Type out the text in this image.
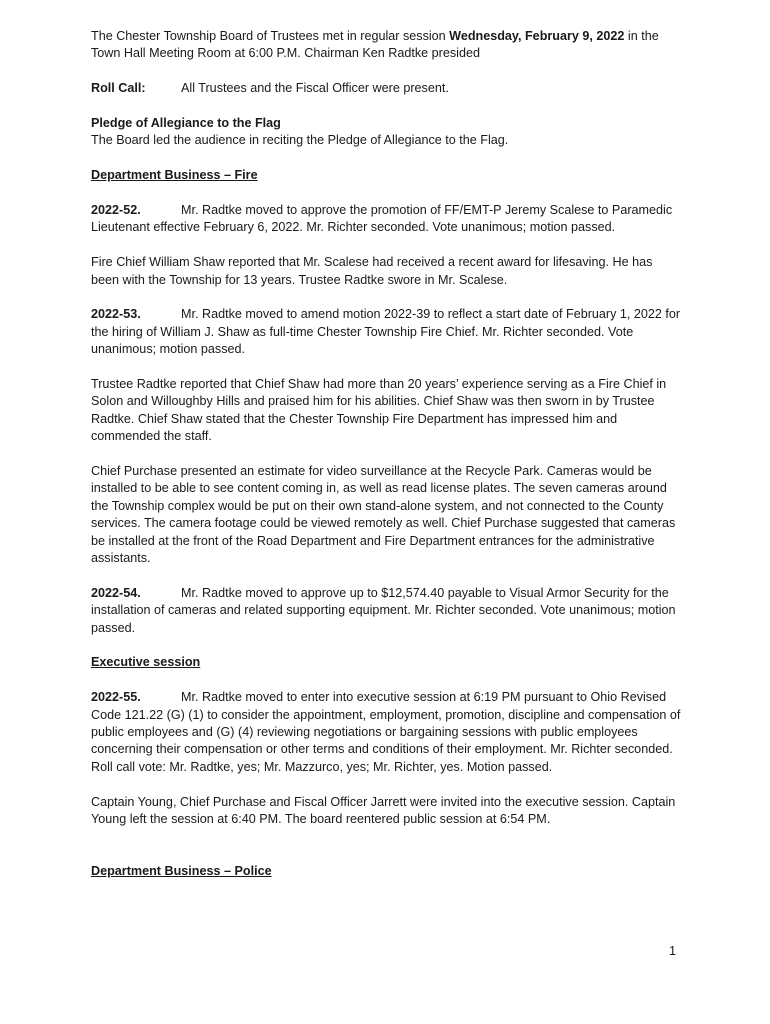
The Chester Township Board of Trustees met in regular session Wednesday, February 9, 2022 in the Town Hall Meeting Room at 6:00 P.M. Chairman Ken Radtke presided

Roll Call:	All Trustees and the Fiscal Officer were present.

Pledge of Allegiance to the Flag

The Board led the audience in reciting the Pledge of Allegiance to the Flag.

Department Business – Fire

2022-52.	Mr. Radtke moved to approve the promotion of FF/EMT-P Jeremy Scalese to Paramedic Lieutenant effective February 6, 2022. Mr. Richter seconded. Vote unanimous; motion passed.

Fire Chief William Shaw reported that Mr. Scalese had received a recent award for lifesaving. He has been with the Township for 13 years. Trustee Radtke swore in Mr. Scalese.

2022-53.	Mr. Radtke moved to amend motion 2022-39 to reflect a start date of February 1, 2022 for the hiring of William J. Shaw as full-time Chester Township Fire Chief. Mr. Richter seconded. Vote unanimous; motion passed.

Trustee Radtke reported that Chief Shaw had more than 20 years’ experience serving as a Fire Chief in Solon and Willoughby Hills and praised him for his abilities. Chief Shaw was then sworn in by Trustee Radtke. Chief Shaw stated that the Chester Township Fire Department has impressed him and commended the staff.

Chief Purchase presented an estimate for video surveillance at the Recycle Park. Cameras would be installed to be able to see content coming in, as well as read license plates. The seven cameras around the Township complex would be put on their own stand-alone system, and not connected to the County services. The camera footage could be viewed remotely as well. Chief Purchase suggested that cameras be installed at the front of the Road Department and Fire Department entrances for the administrative assistants.

2022-54.	Mr. Radtke moved to approve up to $12,574.40 payable to Visual Armor Security for the installation of cameras and related supporting equipment. Mr. Richter seconded. Vote unanimous; motion passed.

Executive session

2022-55.	Mr. Radtke moved to enter into executive session at 6:19 PM pursuant to Ohio Revised Code 121.22 (G) (1) to consider the appointment, employment, promotion, discipline and compensation of public employees and (G) (4) reviewing negotiations or bargaining sessions with public employees concerning their compensation or other terms and conditions of their employment. Mr. Richter seconded. Roll call vote: Mr. Radtke, yes; Mr. Mazzurco, yes; Mr. Richter, yes. Motion passed.

Captain Young, Chief Purchase and Fiscal Officer Jarrett were invited into the executive session. Captain Young left the session at 6:40 PM. The board reentered public session at 6:54 PM.

Department Business – Police

1
